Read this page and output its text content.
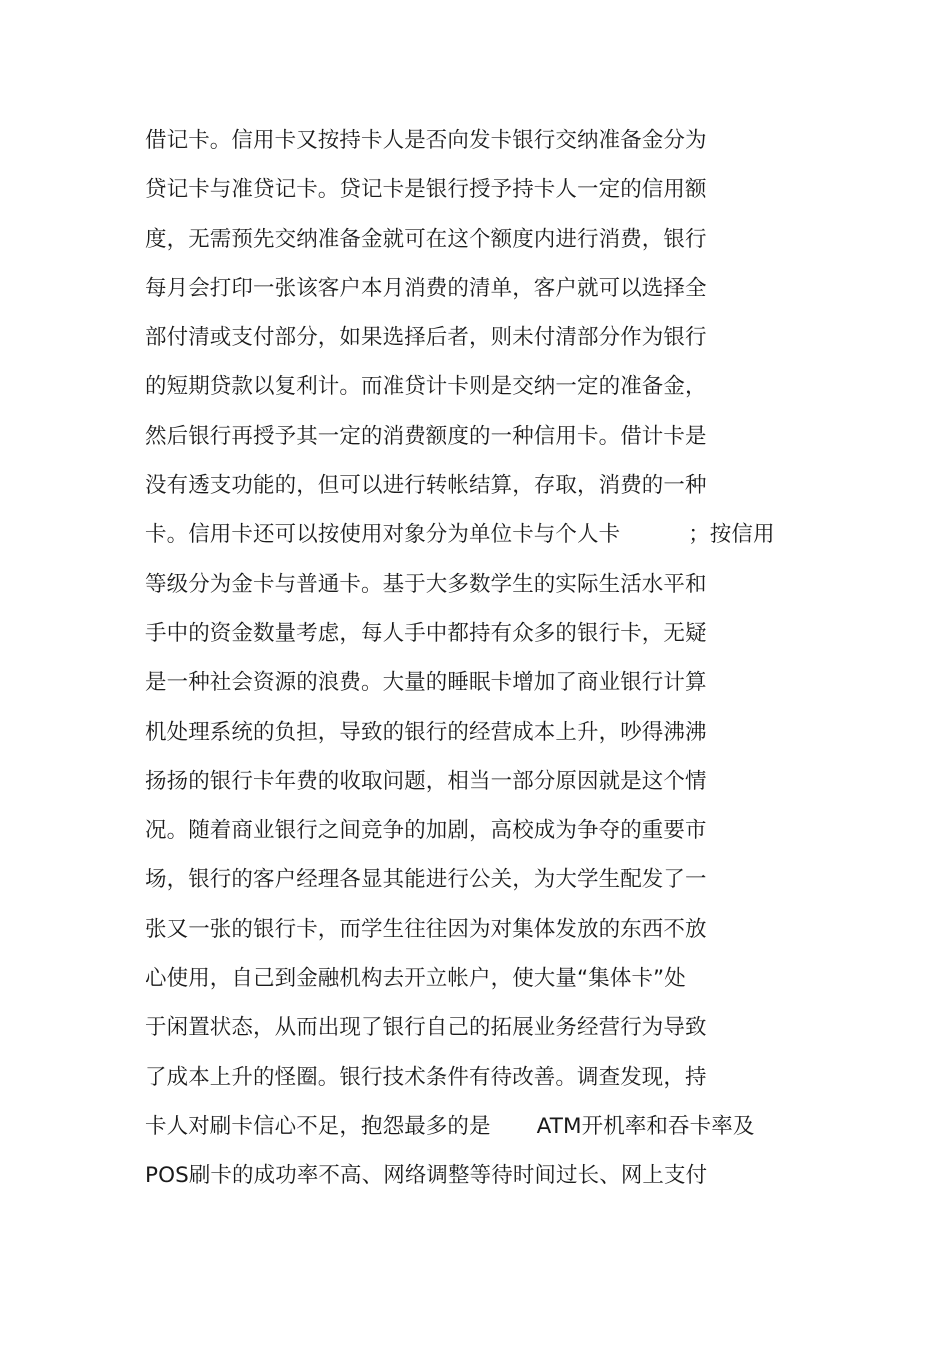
借记卡。信用卡又按持卡人是否向发卡银行交纳准备金分为
贷记卡与准贷记卡。贷记卡是银行授予持卡人一定的信用额
度，无需预先交纳准备金就可在这个额度内进行消费，银行
每月会打印一张该客户本月消费的清单，客户就可以选择全
部付清或支付部分，如果选择后者，则未付清部分作为银行
的短期贷款以复利计。而准贷计卡则是交纳一定的准备金，
然后银行再授予其一定的消费额度的一种信用卡。借计卡是
没有透支功能的，但可以进行转帐结算，存取，消费的一种
卡。信用卡还可以按使用对象分为单位卡与个人卡	；按信用
等级分为金卡与普通卡。基于大多数学生的实际生活水平和
手中的资金数量考虑，每人手中都持有众多的银行卡，无疑
是一种社会资源的浪费。大量的睡眠卡增加了商业银行计算
机处理系统的负担，导致的银行的经营成本上升，吵得沸沸
扬扬的银行卡年费的收取问题，相当一部分原因就是这个情
况。随着商业银行之间竞争的加剧，高校成为争夺的重要市
场，银行的客户经理各显其能进行公关，为大学生配发了一
张又一张的银行卡，而学生往往因为对集体发放的东西不放
心使用，自己到金融机构去开立帐户，使大量“集体卡”处
于闲置状态，从而出现了银行自己的拓展业务经营行为导致
了成本上升的怪圈。银行技术条件有待改善。调查发现，持
卡人对刷卡信心不足，抱怨最多的是 ATM开机率和吞卡率及
POS刷卡的成功率不高、网络调整等待时间过长、网上支付
